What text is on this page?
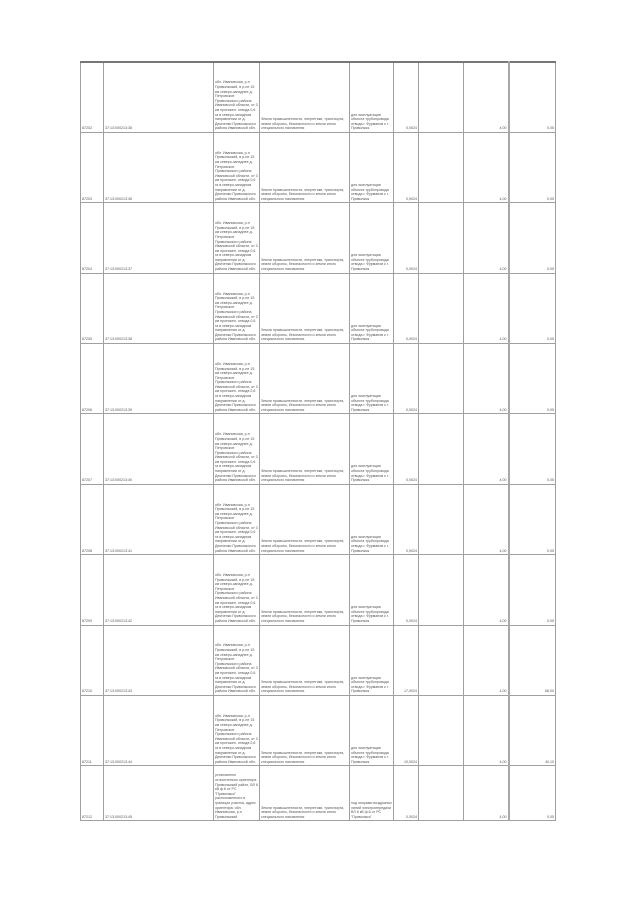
87202	37:13:000213:38	обл. Ивановская, р-н Приволжский, в р-не 15 км северо-западнее д. Петровское Приволжского района Ивановской области, от 3 км протяжен. отвода 0,6 га в северо-западном направлении от д. Демченки Приволжского района Ивановской обл.	Земли промышленности, энергетики, транспорта, земли обороны, безопасности и земли иного специального назначения	для эксплуатации объекта трубопровода отвода г. Фурманов к г. Приволжск	0,0024		4,00	0,05
87203	37:13:000213:36	обл. Ивановская, р-н Приволжский, в р-не 15 км северо-западнее д. Петровское Приволжского района Ивановской области, от 3 км протяжен. отвода 0,6 га в северо-западном направлении от д. Демченки Приволжского района Ивановской обл.	Земли промышленности, энергетики, транспорта, земли обороны, безопасности и земли иного специального назначения	для эксплуатации объекта трубопровода отвода г. Фурманов к г. Приволжск	0,0024		4,00	0,05
87204	37:13:000213:37	обл. Ивановская, р-н Приволжский, в р-не 15 км северо-западнее д. Петровское Приволжского района Ивановской области, от 3 км протяжен. отвода 0,6 га в северо-западном направлении от д. Демченки Приволжского района Ивановской обл.	Земли промышленности, энергетики, транспорта, земли обороны, безопасности и земли иного специального назначения	для эксплуатации объекта трубопровода отвода г. Фурманов к г. Приволжск	0,0024		4,00	0,05
87205	37:13:000213:38	обл. Ивановская, р-н Приволжский, в р-не 15 км северо-западнее д. Петровское Приволжского района Ивановской области, от 3 км протяжен. отвода 0,6 га в северо-западном направлении от д. Демченки Приволжского района Ивановской обл.	Земли промышленности, энергетики, транспорта, земли обороны, безопасности и земли иного специального назначения	для эксплуатации объекта трубопровода отвода г. Фурманов к г. Приволжск	0,0024		4,00	0,05
87206	37:13:000213:39	обл. Ивановская, р-н Приволжский, в р-не 15 км северо-западнее д. Петровское Приволжского района Ивановской области, от 3 км протяжен. отвода 0,6 га в северо-западном направлении от д. Демченки Приволжского района Ивановской обл.	Земли промышленности, энергетики, транспорта, земли обороны, безопасности и земли иного специального назначения	для эксплуатации объекта трубопровода отвода г. Фурманов к г. Приволжск	0,0024		4,00	0,05
87207	37:13:000213:40	обл. Ивановская, р-н Приволжский, в р-не 15 км северо-западнее д. Петровское Приволжского района Ивановской области, от 3 км протяжен. отвода 0,6 га в северо-западном направлении от д. Демченки Приволжского района Ивановской обл.	Земли промышленности, энергетики, транспорта, земли обороны, безопасности и земли иного специального назначения	для эксплуатации объекта трубопровода отвода г. Фурманов к г. Приволжск	0,0024		4,00	0,05
87208	37:13:000213:41	обл. Ивановская, р-н Приволжский, в р-не 15 км северо-западнее д. Петровское Приволжского района Ивановской области, от 3 км протяжен. отвода 0,6 га в северо-западном направлении от д. Демченки Приволжского района Ивановской обл.	Земли промышленности, энергетики, транспорта, земли обороны, безопасности и земли иного специального назначения	для эксплуатации объекта трубопровода отвода г. Фурманов к г. Приволжск	0,0024		4,00	0,05
87209	37:13:000213:42	обл. Ивановская, р-н Приволжский, в р-не 15 км северо-западнее д. Петровское Приволжского района Ивановской области, от 3 км протяжен. отвода 0,6 га в северо-западном направлении от д. Демченки Приволжского района Ивановской обл.	Земли промышленности, энергетики, транспорта, земли обороны, безопасности и земли иного специального назначения	для эксплуатации объекта трубопровода отвода г. Фурманов к г. Приволжск	0,0024		4,00	0,05
87210	37:13:000213:43	обл. Ивановская, р-н Приволжский, в р-не 15 км северо-западнее д. Петровское Приволжского района Ивановской области, от 3 км протяжен. отвода 0,6 га в северо-западном направлении от д. Демченки Приволжского района Ивановской обл.	Земли промышленности, энергетики, транспорта, земли обороны, безопасности и земли иного специального назначения	для эксплуатации объекта трубопровода отвода г. Фурманов к г. Приволжск	17,0024		4,00	68,00
87211	37:13:000213:44	обл. Ивановская, р-н Приволжский, в р-не 15 км северо-западнее д. Петровское Приволжского района Ивановской области, от 3 км протяжен. отвода 0,6 га в северо-западном направлении от д. Демченки Приволжского района Ивановской обл.	Земли промышленности, энергетики, транспорта, земли обороны, безопасности и земли иного специального назначения	для эксплуатации объекта трубопровода отвода г. Фурманов к г. Приволжск	10,0024		4,00	40,10
87212	37:13:000213:45	установлено относительно ориентира Приволжский район, ВЛ 6 кВ ф.6 от РС "Приволжск" расположенного в границах участка, адрес ориентира: обл. Ивановская, р-н Приволжский	Земли промышленности, энергетики, транспорта, земли обороны, безопасности и земли иного специального назначения	под опорами воздушных линий электропередачи ВЛ 6 кВ ф.6 от РС "Приволжск"	0,0024		4,00	0,05
